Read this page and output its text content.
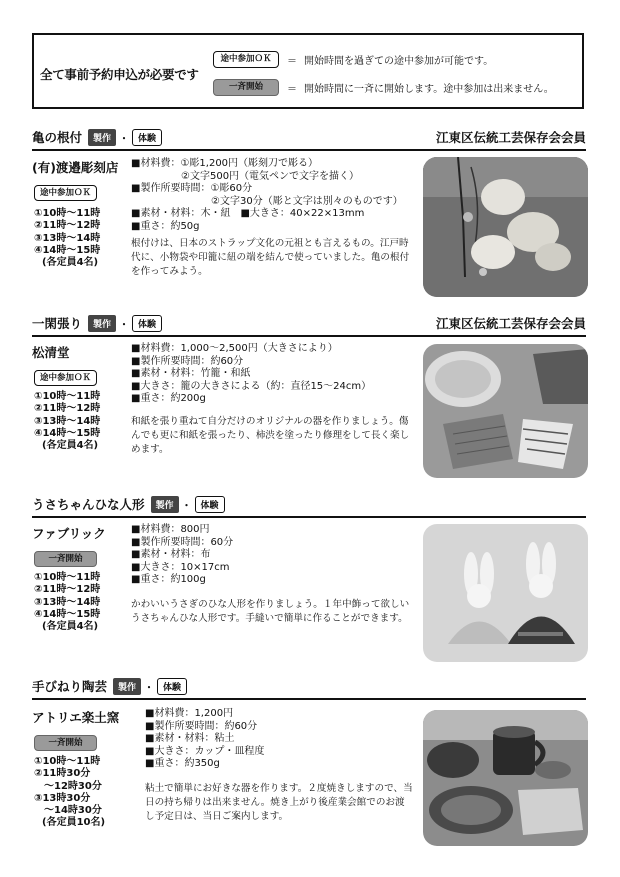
全て事前予約申込が必要です
途中参加ＯＫ	＝ 開始時間を過ぎての途中参加が可能です。
一斉開始	＝ 開始時間に一斉に開始します。途中参加は出来ません。
亀の根付	製作 ・	体験	江東区伝統工芸保存会会員
(有)渡邉彫刻店
途中参加ＯＫ
①10時～11時
②11時～12時
③13時～14時
④14時～15時
(各定員4名)
■材料費：①彫1,200円（彫刻刀で彫る）
　　　　　②文字500円（電気ペンで文字を描く）
■製作所要時間：①彫60分
　　　　　　　　②文字30分（彫と文字は別々のものです）
■素材・材料：木・紐　■大きさ：40×22×13mm
■重さ：約50g
根付けは、日本のストラップ文化の元祖とも言えるもの。江戸時代に、小物袋や印籠に紐の端を結んで使っていました。亀の根付を作ってみよう。
一閑張り	製作 ・	体験	江東区伝統工芸保存会会員
松清堂
途中参加ＯＫ
①10時～11時
②11時～12時
③13時～14時
④14時～15時
(各定員4名)
■材料費：1,000～2,500円（大きさにより）
■製作所要時間：約60分
■素材・材料：竹籠・和紙
■大きさ：籠の大きさによる（約：直径15～24cm）
■重さ：約200g
和紙を張り重ねて自分だけのオリジナルの器を作りましょう。傷んでも更に和紙を張ったり、柿渋を塗ったり修理をして長く楽しめます。
うさちゃんひな人形	製作 ・	体験
ファブリック
一斉開始
①10時～11時
②11時～12時
③13時～14時
④14時～15時
(各定員4名)
■材料費：800円
■製作所要時間：60分
■素材・材料：布
■大きさ：10×17cm
■重さ：約100g
かわいいうさぎのひな人形を作りましょう。１年中飾って欲しいうさちゃんひな人形です。手縫いで簡単に作ることができます。
手びねり陶芸	製作 ・	体験
アトリエ楽土窯
一斉開始
①10時～11時
②11時30分
　～12時30分
③13時30分
　～14時30分
(各定員10名)
■材料費：1,200円
■製作所要時間：約60分
■素材・材料：粘土
■大きさ：カップ・皿程度
■重さ：約350g
粘土で簡単にお好きな器を作ります。２度焼きしますので、当日の持ち帰りは出来ません。焼き上がり後産業会館でのお渡し予定日は、当日ご案内します。
